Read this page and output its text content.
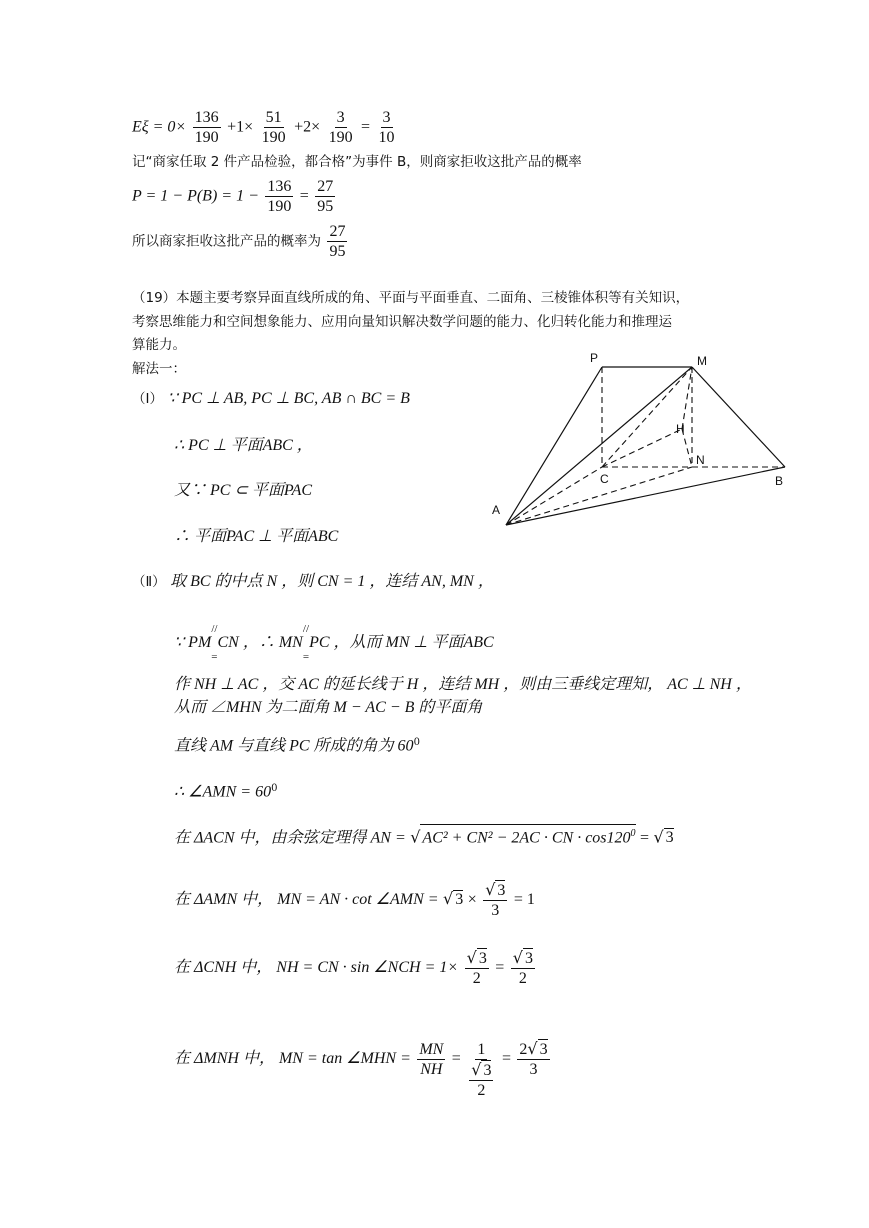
$E\xi = 0\times \frac{136}{190} +1\times \frac{51}{190} +2\times \frac{3}{190} = \frac{3}{10}$
记“商家任取 2 件产品检验，都合格”为事件 B，则商家拒收这批产品的概率
$P = 1 - P(B) = 1 - \frac{136}{190} = \frac{27}{95}$
所以商家拒收这批产品的概率为 $\frac{27}{95}$
（19）本题主要考察异面直线所成的角、平面与平面垂直、二面角、三棱锥体积等有关知识，
考察思维能力和空间想象能力、应用向量知识解决数学问题的能力、化归转化能力和推理运
算能力。
解法一：
（Ⅰ） ∵ PC ⊥ AB, PC ⊥ BC, AB ∩ BC = B
∴ PC ⊥ 平面ABC ，
又∵ PC ⊂ 平面PAC
∴ 平面PAC ⊥ 平面ABC
P	M
H
C
N
B
A
（Ⅱ） 取 BC 的中点 N ，则 CN = 1 ，连结 AN, MN ，
∵ PM
//
=
CN ，∴ MN
//
=
PC ，从而 MN ⊥ 平面ABC
作 NH ⊥ AC ，交 AC 的延长线于 H ，连结 MH ，则由三垂线定理知， AC ⊥ NH ，
从而 ∠MHN 为二面角 M − AC − B 的平面角
直线 AM 与直线 PC 所成的角为 $60^0$
∴ ∠AMN = $60^0$
在 ΔACN 中，由余弦定理得 AN = √ AC² + CN² − 2AC · CN · $\cos 120^0$ = √ 3
在 ΔAMN 中， MN = AN · cot ∠AMN = √ $3 \times \frac{√ 3}{3} = 1$
在 ΔCNH 中， NH = CN · sin ∠NCH = $1\times \frac{√ 3}{2} = \frac{√ 3}{2}$
在 ΔMNH 中， MN = tan ∠MHN = $\frac{MN}{NH} = \frac{1}{\frac{√ 3}{2}} = \frac{2√ 3}{3}$
